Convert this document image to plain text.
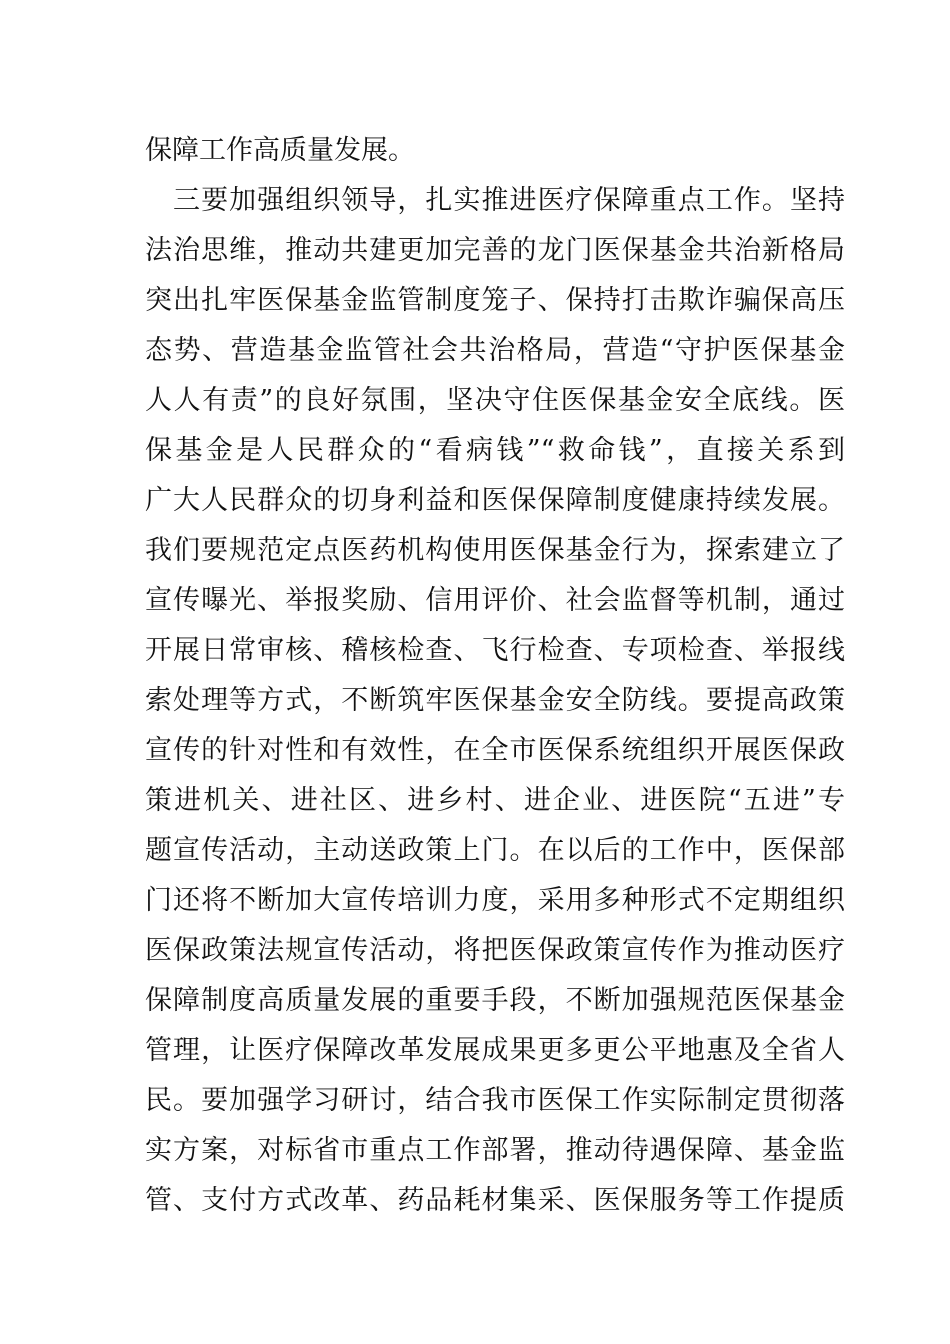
保障工作高质量发展。
　三要加强组织领导，扎实推进医疗保障重点工作。坚持
法治思维，推动共建更加完善的龙门医保基金共治新格局
突出扎牢医保基金监管制度笼子、保持打击欺诈骗保高压
态势、营造基金监管社会共治格局，营造“守护医保基金
人人有责”的良好氛围，坚决守住医保基金安全底线。医
保基金是人民群众的“看病钱”“救命钱”，直接关系到
广大人民群众的切身利益和医保保障制度健康持续发展。
我们要规范定点医药机构使用医保基金行为，探索建立了
宣传曝光、举报奖励、信用评价、社会监督等机制，通过
开展日常审核、稽核检查、飞行检查、专项检查、举报线
索处理等方式，不断筑牢医保基金安全防线。要提高政策
宣传的针对性和有效性，在全市医保系统组织开展医保政
策进机关、进社区、进乡村、进企业、进医院“五进”专
题宣传活动，主动送政策上门。在以后的工作中，医保部
门还将不断加大宣传培训力度，采用多种形式不定期组织
医保政策法规宣传活动，将把医保政策宣传作为推动医疗
保障制度高质量发展的重要手段，不断加强规范医保基金
管理，让医疗保障改革发展成果更多更公平地惠及全省人
民。要加强学习研讨，结合我市医保工作实际制定贯彻落
实方案，对标省市重点工作部署，推动待遇保障、基金监
管、支付方式改革、药品耗材集采、医保服务等工作提质
